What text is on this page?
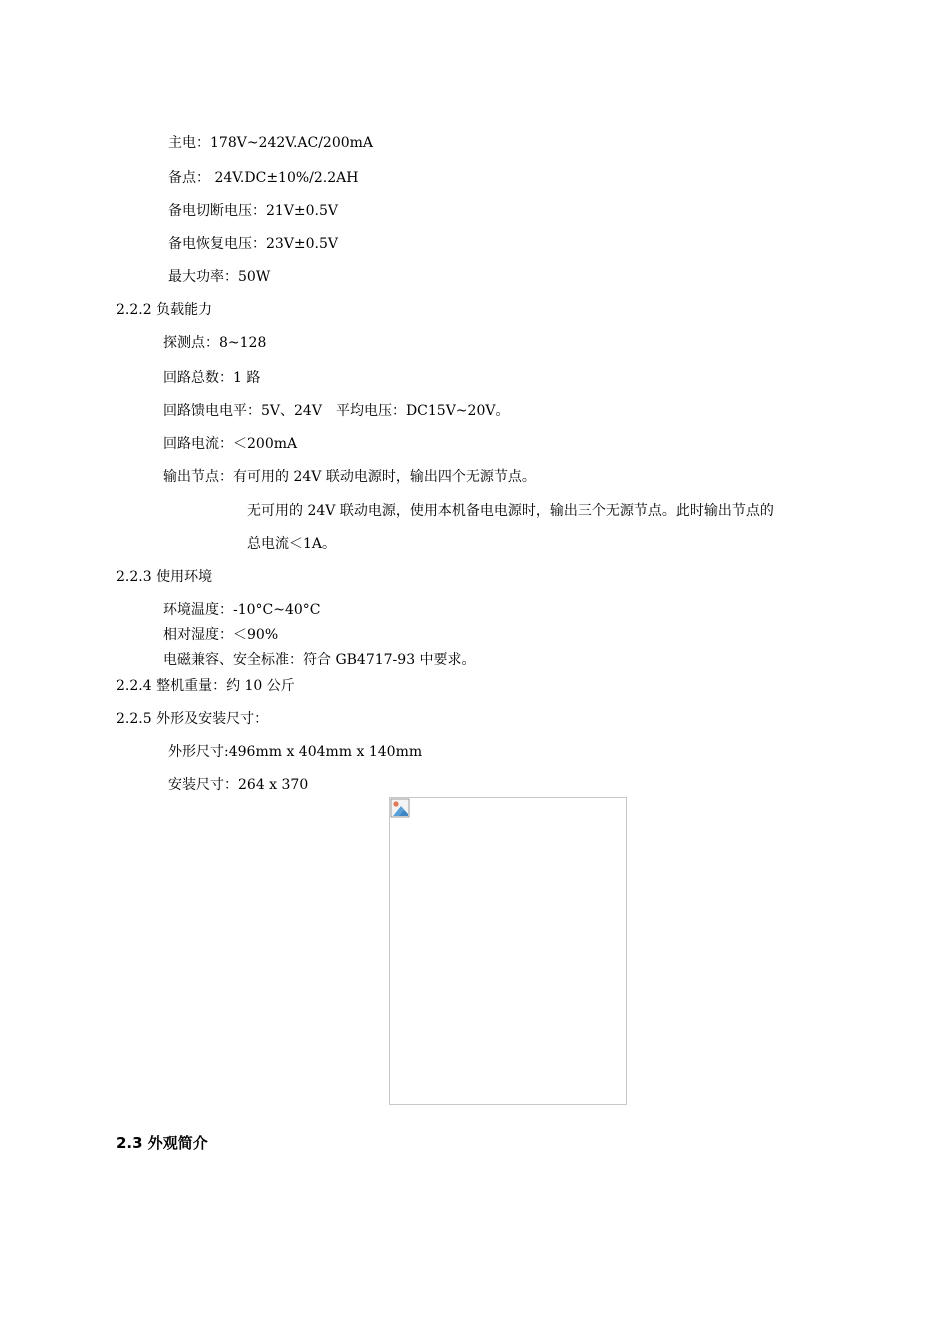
主电：178V~242V.AC/200mA
备点： 24V.DC±10%/2.2AH
备电切断电压：21V±0.5V
备电恢复电压：23V±0.5V
最大功率：50W
2.2.2 负载能力
探测点：8~128
回路总数：1 路
回路馈电电平：5V、24V　平均电压：DC15V~20V。
回路电流：＜200mA
输出节点：有可用的 24V 联动电源时，输出四个无源节点。
无可用的 24V 联动电源，使用本机备电电源时，输出三个无源节点。此时输出节点的
总电流＜1A。
2.2.3 使用环境
环境温度：-10°C~40°C
相对湿度：＜90%
电磁兼容、安全标准：符合 GB4717-93 中要求。
2.2.4 整机重量：约 10 公斤
2.2.5 外形及安装尺寸：
外形尺寸:496mm x 404mm x 140mm
安装尺寸：264 x 370
2.3 外观简介
